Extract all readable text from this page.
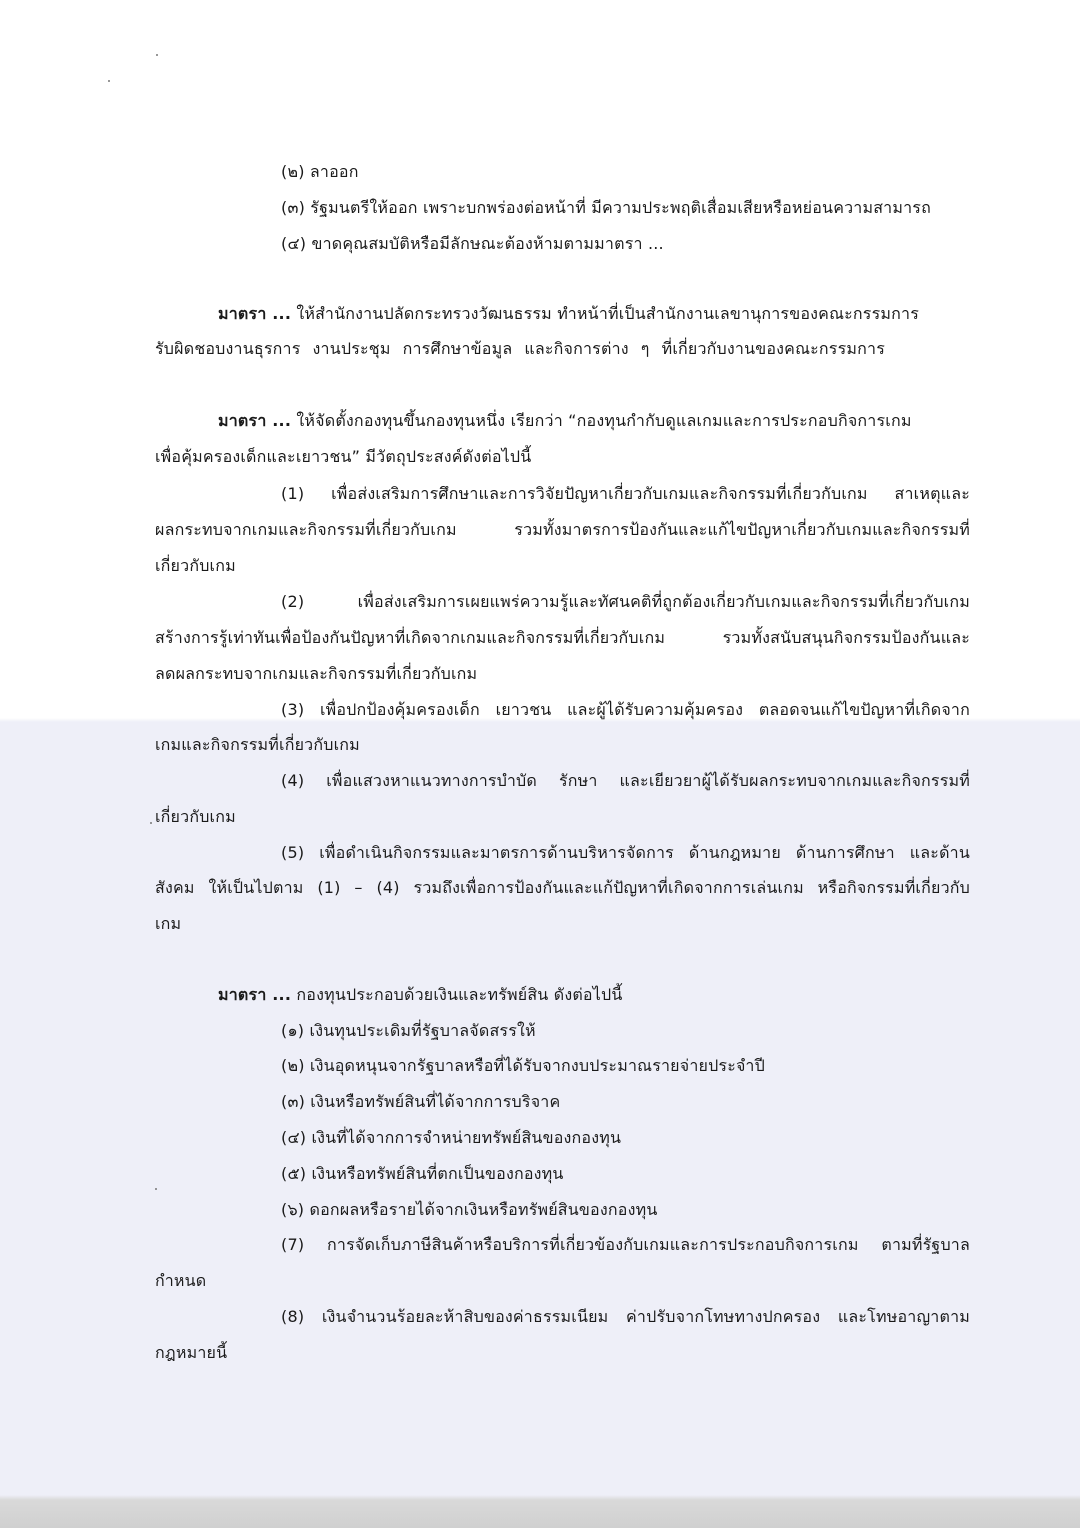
(๒) ลาออก
(๓) รัฐมนตรีให้ออก เพราะบกพร่องต่อหน้าที่ มีความประพฤติเสื่อมเสียหรือหย่อนความสามารถ
(๔) ขาดคุณสมบัติหรือมีลักษณะต้องห้ามตามมาตรา ...
มาตรา ... ให้สำนักงานปลัดกระทรวงวัฒนธรรม ทำหน้าที่เป็นสำนักงานเลขานุการของคณะกรรมการ
รับผิดชอบงานธุรการ งานประชุม การศึกษาข้อมูล และกิจการต่าง ๆ ที่เกี่ยวกับงานของคณะกรรมการ
มาตรา ... ให้จัดตั้งกองทุนขึ้นกองทุนหนึ่ง เรียกว่า “กองทุนกำกับดูแลเกมและการประกอบกิจการเกม
เพื่อคุ้มครองเด็กและเยาวชน” มีวัตถุประสงค์ดังต่อไปนี้
(1) เพื่อส่งเสริมการศึกษาและการวิจัยปัญหาเกี่ยวกับเกมและกิจกรรมที่เกี่ยวกับเกม สาเหตุและ
ผลกระทบจากเกมและกิจกรรมที่เกี่ยวกับเกม รวมทั้งมาตรการป้องกันและแก้ไขปัญหาเกี่ยวกับเกมและกิจกรรมที่
เกี่ยวกับเกม
(2) เพื่อส่งเสริมการเผยแพร่ความรู้และทัศนคติที่ถูกต้องเกี่ยวกับเกมและกิจกรรมที่เกี่ยวกับเกม
สร้างการรู้เท่าทันเพื่อป้องกันปัญหาที่เกิดจากเกมและกิจกรรมที่เกี่ยวกับเกม รวมทั้งสนับสนุนกิจกรรมป้องกันและ
ลดผลกระทบจากเกมและกิจกรรมที่เกี่ยวกับเกม
(3) เพื่อปกป้องคุ้มครองเด็ก เยาวชน และผู้ได้รับความคุ้มครอง ตลอดจนแก้ไขปัญหาที่เกิดจาก
เกมและกิจกรรมที่เกี่ยวกับเกม
(4) เพื่อแสวงหาแนวทางการบำบัด รักษา และเยียวยาผู้ได้รับผลกระทบจากเกมและกิจกรรมที่
เกี่ยวกับเกม
(5) เพื่อดำเนินกิจกรรมและมาตรการด้านบริหารจัดการ ด้านกฎหมาย ด้านการศึกษา และด้าน
สังคม ให้เป็นไปตาม (1) – (4) รวมถึงเพื่อการป้องกันและแก้ปัญหาที่เกิดจากการเล่นเกม หรือกิจกรรมที่เกี่ยวกับ
เกม
มาตรา ... กองทุนประกอบด้วยเงินและทรัพย์สิน ดังต่อไปนี้
(๑) เงินทุนประเดิมที่รัฐบาลจัดสรรให้
(๒) เงินอุดหนุนจากรัฐบาลหรือที่ได้รับจากงบประมาณรายจ่ายประจำปี
(๓) เงินหรือทรัพย์สินที่ได้จากการบริจาค
(๔) เงินที่ได้จากการจำหน่ายทรัพย์สินของกองทุน
(๕) เงินหรือทรัพย์สินที่ตกเป็นของกองทุน
(๖) ดอกผลหรือรายได้จากเงินหรือทรัพย์สินของกองทุน
(7) การจัดเก็บภาษีสินค้าหรือบริการที่เกี่ยวข้องกับเกมและการประกอบกิจการเกม ตามที่รัฐบาล
กำหนด
(8) เงินจำนวนร้อยละห้าสิบของค่าธรรมเนียม ค่าปรับจากโทษทางปกครอง และโทษอาญาตาม
กฎหมายนี้
